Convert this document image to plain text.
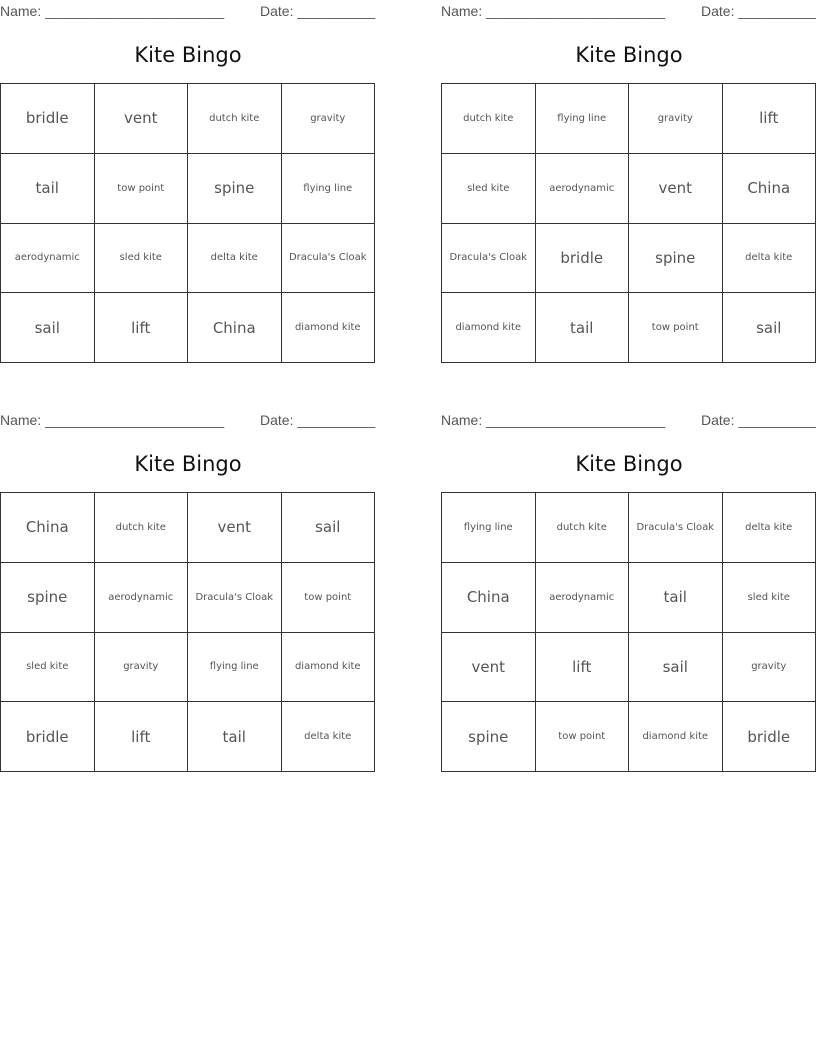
Name: _______________________	Date: __________
Kite Bingo
bridle	vent	dutch kite	gravity
tail	tow point	spine	flying line
aerodynamic	sled kite	delta kite	Dracula's Cloak
sail	lift	China	diamond kite
Name: _______________________	Date: __________
Kite Bingo
dutch kite	flying line	gravity	lift
sled kite	aerodynamic	vent	China
Dracula's Cloak	bridle	spine	delta kite
diamond kite	tail	tow point	sail
Name: _______________________	Date: __________
Kite Bingo
China	dutch kite	vent	sail
spine	aerodynamic	Dracula's Cloak	tow point
sled kite	gravity	flying line	diamond kite
bridle	lift	tail	delta kite
Name: _______________________	Date: __________
Kite Bingo
flying line	dutch kite	Dracula's Cloak	delta kite
China	aerodynamic	tail	sled kite
vent	lift	sail	gravity
spine	tow point	diamond kite	bridle
